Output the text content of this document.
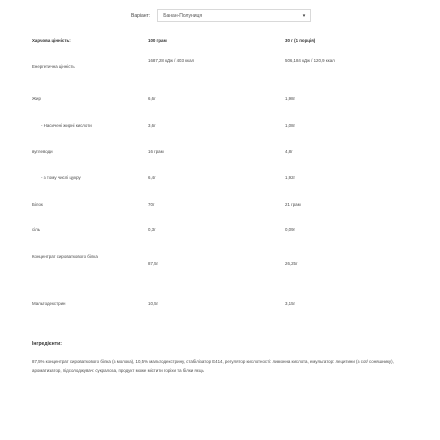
Варіант:	Банан-Полуниця	▾
Харчова цінність:	100 грам	30 г (1 порція)
Енергетична цінність	1687,28 кДж / 403 ккал	506,184 кДж / 120,9 ккал
Жир	6,6г	1,98г
- Насичені жирні кислоти	3,6г	1,08г
вуглеводи	16 грам	4,8г
- з тому числі цукру	6,4г	1,92г
Білок	70г	21 грам
сіль	0,3г	0,09г
Концентрат сироваткового білка	87,5г	26,25г
Мальтодекстрин	10,5г	3,15г
Інгредієнти:
87,5% концентрат сироваткового білка (з молока), 10,5% мальтодекстрину, стабілізатор Е414, регулятор кислотності: лимонна кислота, емульгатор: лецитини (з сої/ соняшнику), ароматизатор, підсолоджувач: сукралоза, продукт може містити горіхи та білки яєць
